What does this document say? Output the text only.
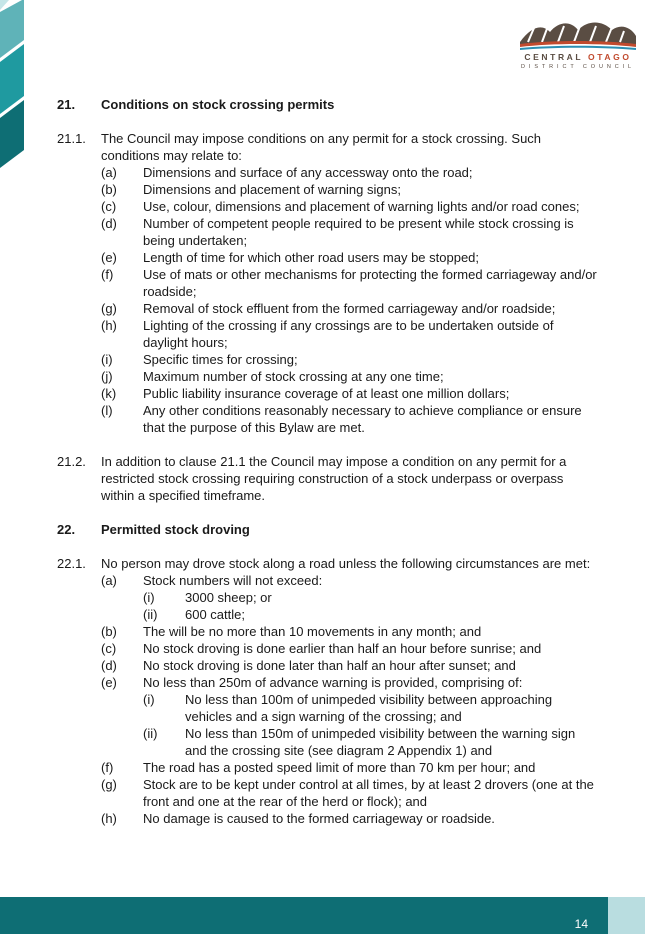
CENTRAL OTAGO
DISTRICT COUNCIL
21. Conditions on stock crossing permits
21.1. The Council may impose conditions on any permit for a stock crossing. Such conditions may relate to:
(a) Dimensions and surface of any accessway onto the road;
(b) Dimensions and placement of warning signs;
(c) Use, colour, dimensions and placement of warning lights and/or road cones;
(d) Number of competent people required to be present while stock crossing is being undertaken;
(e) Length of time for which other road users may be stopped;
(f) Use of mats or other mechanisms for protecting the formed carriageway and/or roadside;
(g) Removal of stock effluent from the formed carriageway and/or roadside;
(h) Lighting of the crossing if any crossings are to be undertaken outside of daylight hours;
(i) Specific times for crossing;
(j) Maximum number of stock crossing at any one time;
(k) Public liability insurance coverage of at least one million dollars;
(l) Any other conditions reasonably necessary to achieve compliance or ensure that the purpose of this Bylaw are met.
21.2. In addition to clause 21.1 the Council may impose a condition on any permit for a restricted stock crossing requiring construction of a stock underpass or overpass within a specified timeframe.
22. Permitted stock droving
22.1. No person may drove stock along a road unless the following circumstances are met:
(a) Stock numbers will not exceed:
(i) 3000 sheep; or
(ii) 600 cattle;
(b) The will be no more than 10 movements in any month; and
(c) No stock droving is done earlier than half an hour before sunrise; and
(d) No stock droving is done later than half an hour after sunset; and
(e) No less than 250m of advance warning is provided, comprising of:
(i) No less than 100m of unimpeded visibility between approaching vehicles and a sign warning of the crossing; and
(ii) No less than 150m of unimpeded visibility between the warning sign and the crossing site (see diagram 2 Appendix 1) and
(f) The road has a posted speed limit of more than 70 km per hour; and
(g) Stock are to be kept under control at all times, by at least 2 drovers (one at the front and one at the rear of the herd or flock); and
(h) No damage is caused to the formed carriageway or roadside.
14
